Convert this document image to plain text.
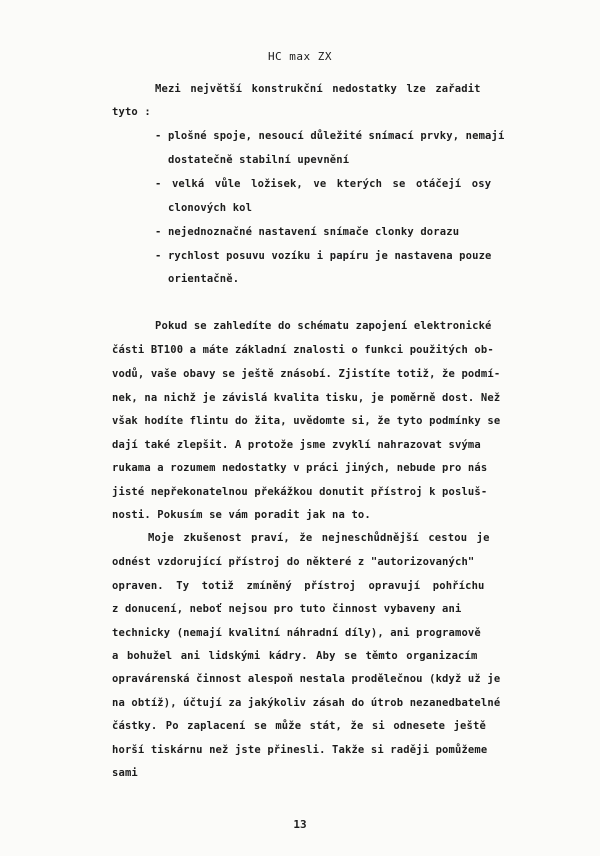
HC max ZX
Mezi největší konstrukční nedostatky lze zařadit
tyto :
- plošné spoje, nesoucí důležité snímací prvky, nemají
dostatečně stabilní upevnění
- velká vůle ložisek, ve kterých se otáčejí osy
clonových kol
- nejednoznačné nastavení snímače clonky dorazu
- rychlost posuvu vozíku i papíru je nastavena pouze
orientačně.
Pokud se zahledíte do schématu zapojení elektronické
části BT100 a máte základní znalosti o funkci použitých ob-
vodů, vaše obavy se ještě znásobí. Zjistíte totiž, že podmí-
nek, na nichž je závislá kvalita tisku, je poměrně dost. Než
však hodíte flintu do žita, uvědomte si, že tyto podmínky se
dají také zlepšit. A protože jsme zvyklí nahrazovat svýma
rukama a rozumem nedostatky v práci jiných, nebude pro nás
jisté nepřekonatelnou překážkou donutit přístroj k posluš-
nosti. Pokusím se vám poradit jak na to.
Moje zkušenost praví, že nejneschůdnější cestou je
odnést vzdorující přístroj do některé z "autorizovaných"
opraven. Ty totiž zmíněný přístroj opravují pohříchu
z donucení, neboť nejsou pro tuto činnost vybaveny ani
technicky (nemají kvalitní náhradní díly), ani programově
a bohužel ani lidskými kádry. Aby se těmto organizacím
opravárenská činnost alespoň nestala prodělečnou (když už je
na obtíž), účtují za jakýkoliv zásah do útrob nezanedbatelné
částky. Po zaplacení se může stát, že si odnesete ještě
horší tiskárnu než jste přinesli. Takže si raději pomůžeme
sami
13
